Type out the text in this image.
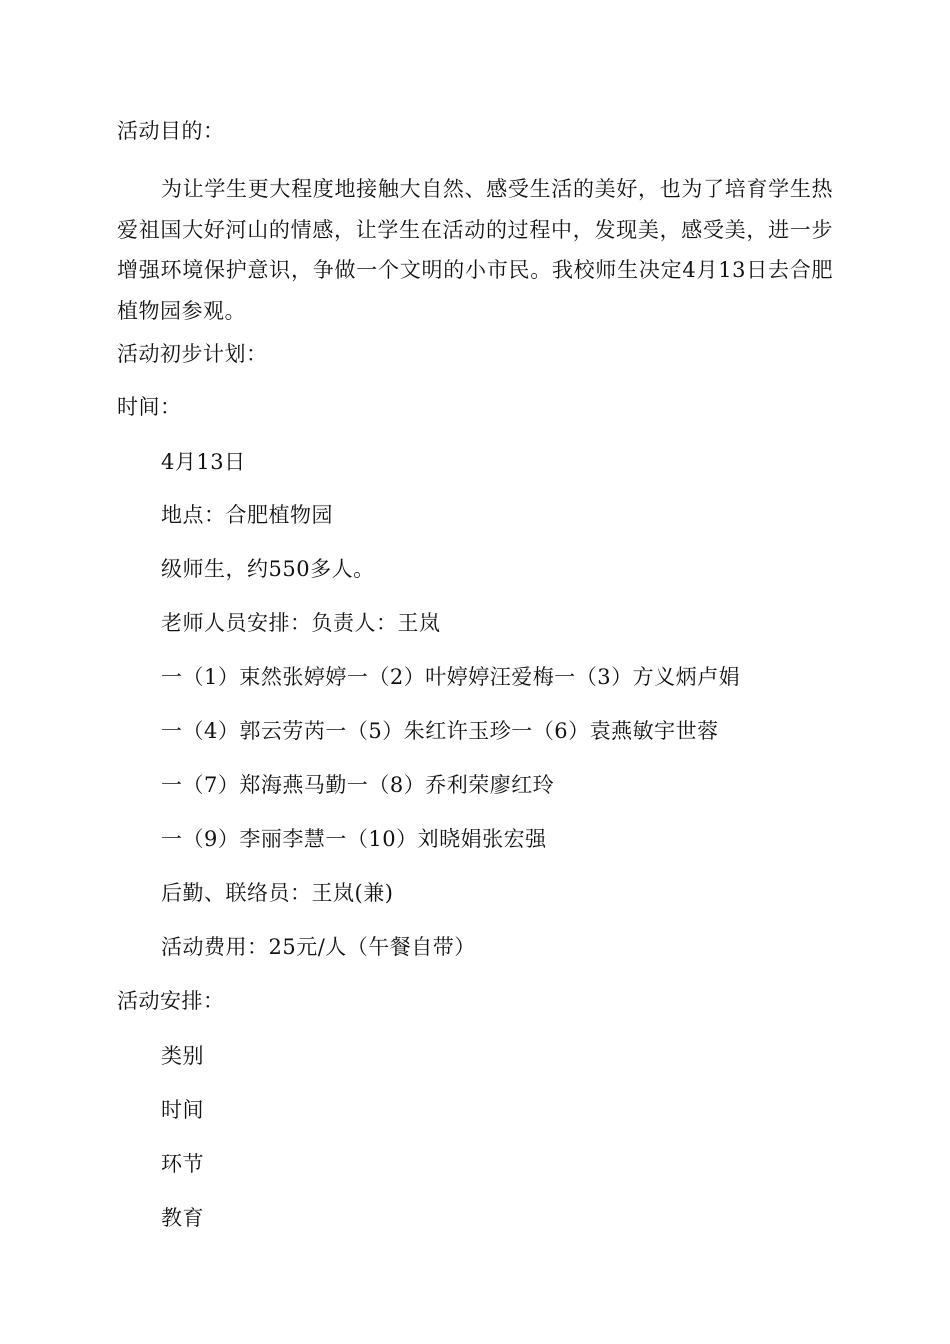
活动目的：
为让学生更大程度地接触大自然、感受生活的美好，也为了培育学生热爱祖国大好河山的情感，让学生在活动的过程中，发现美，感受美，进一步增强环境保护意识，争做一个文明的小市民。我校师生决定4月13日去合肥植物园参观。
活动初步计划：
时间：
4月13日
地点：合肥植物园
级师生，约550多人。
老师人员安排：负责人：王岚
一（1）束然张婷婷一（2）叶婷婷汪爱梅一（3）方义炳卢娟
一（4）郭云劳芮一（5）朱红许玉珍一（6）袁燕敏宇世蓉
一（7）郑海燕马勤一（8）乔利荣廖红玲
一（9）李丽李慧一（10）刘晓娟张宏强
后勤、联络员：王岚(兼)
活动费用：25元/人（午餐自带）
活动安排：
类别
时间
环节
教育
